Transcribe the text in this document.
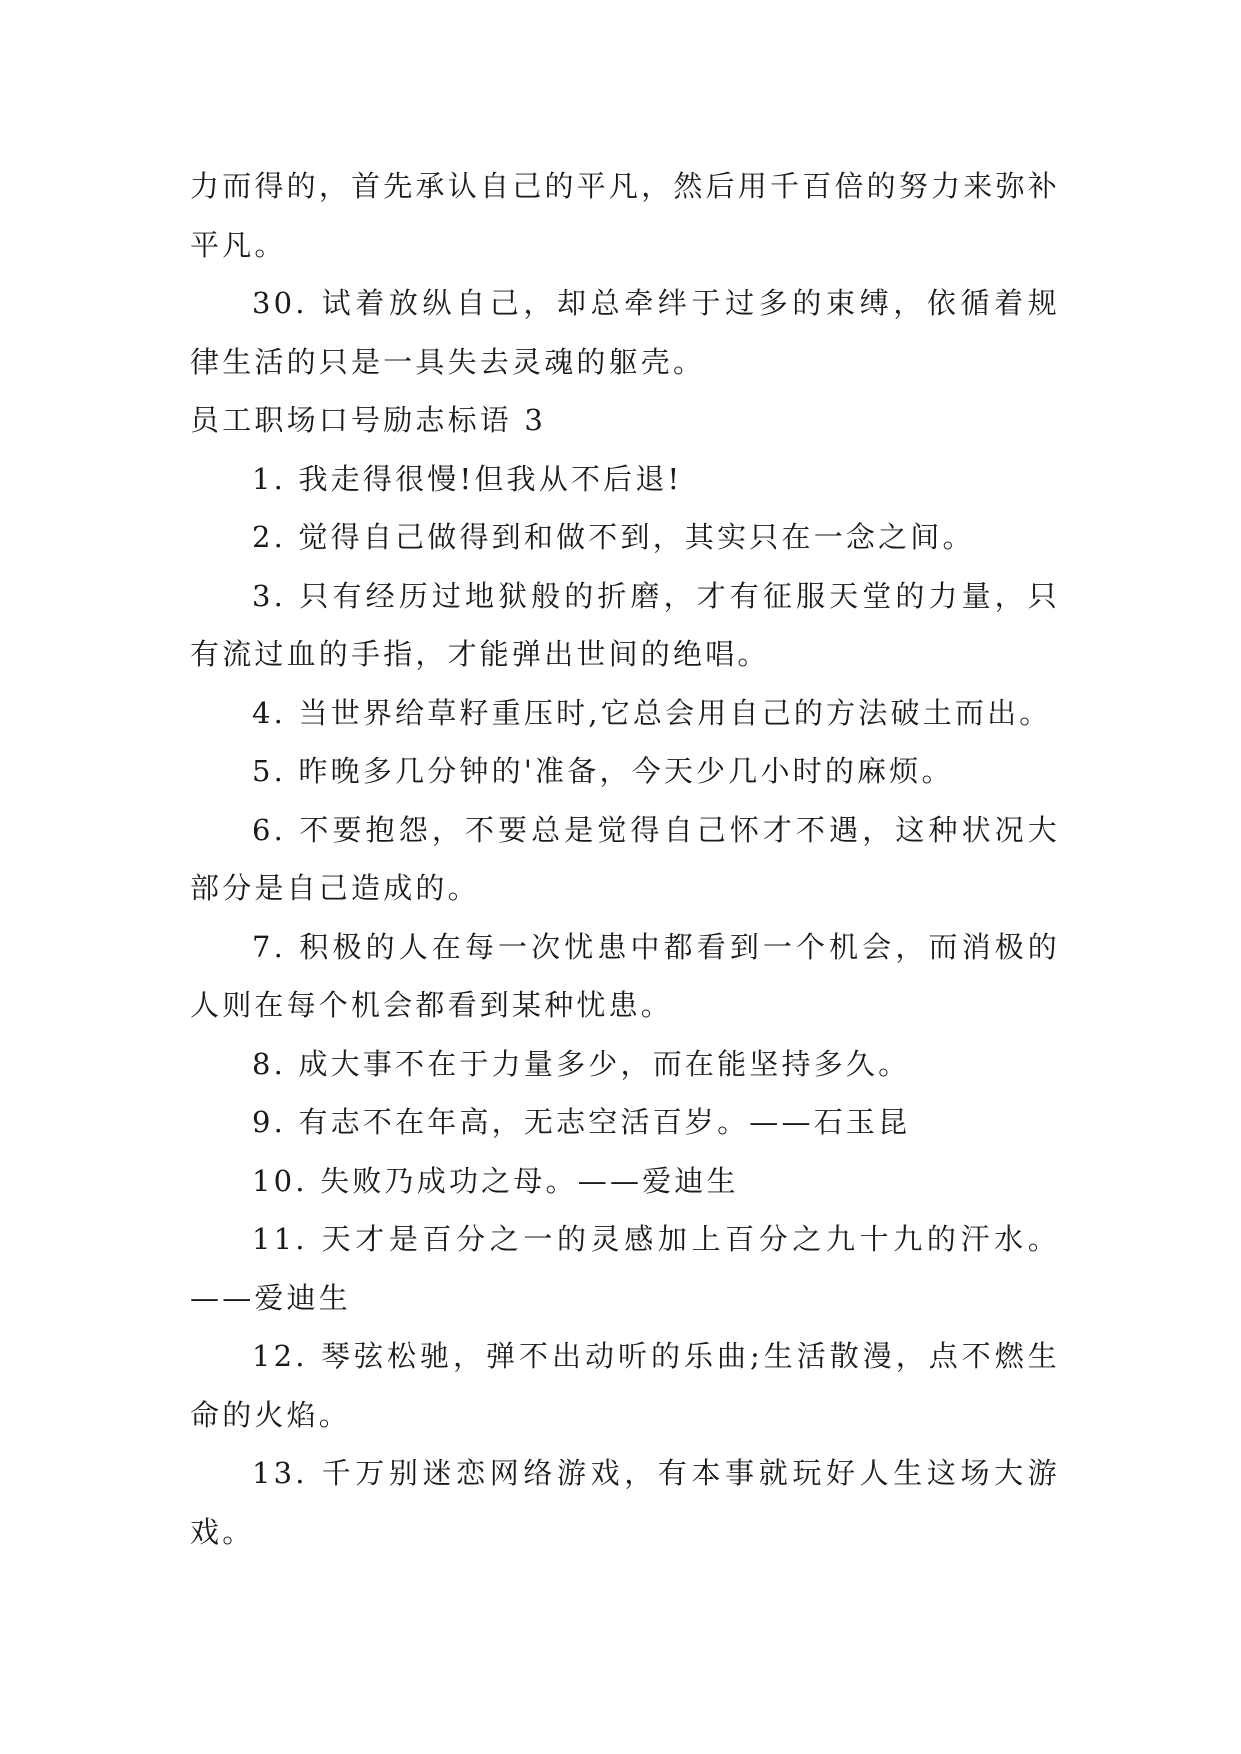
力而得的，首先承认自己的平凡，然后用千百倍的努力来弥补平凡。

30. 试着放纵自己，却总牵绊于过多的束缚，依循着规律生活的只是一具失去灵魂的躯壳。

员工职场口号励志标语 3

1. 我走得很慢!但我从不后退!

2. 觉得自己做得到和做不到，其实只在一念之间。

3. 只有经历过地狱般的折磨，才有征服天堂的力量，只有流过血的手指，才能弹出世间的绝唱。

4. 当世界给草籽重压时,它总会用自己的方法破土而出。

5. 昨晚多几分钟的'准备，今天少几小时的麻烦。

6. 不要抱怨，不要总是觉得自己怀才不遇，这种状况大部分是自己造成的。

7. 积极的人在每一次忧患中都看到一个机会，而消极的人则在每个机会都看到某种忧患。

8. 成大事不在于力量多少，而在能坚持多久。

9. 有志不在年高，无志空活百岁。——石玉昆

10. 失败乃成功之母。——爱迪生

11. 天才是百分之一的灵感加上百分之九十九的汗水。——爱迪生

12. 琴弦松驰，弹不出动听的乐曲;生活散漫，点不燃生命的火焰。

13. 千万别迷恋网络游戏，有本事就玩好人生这场大游戏。
